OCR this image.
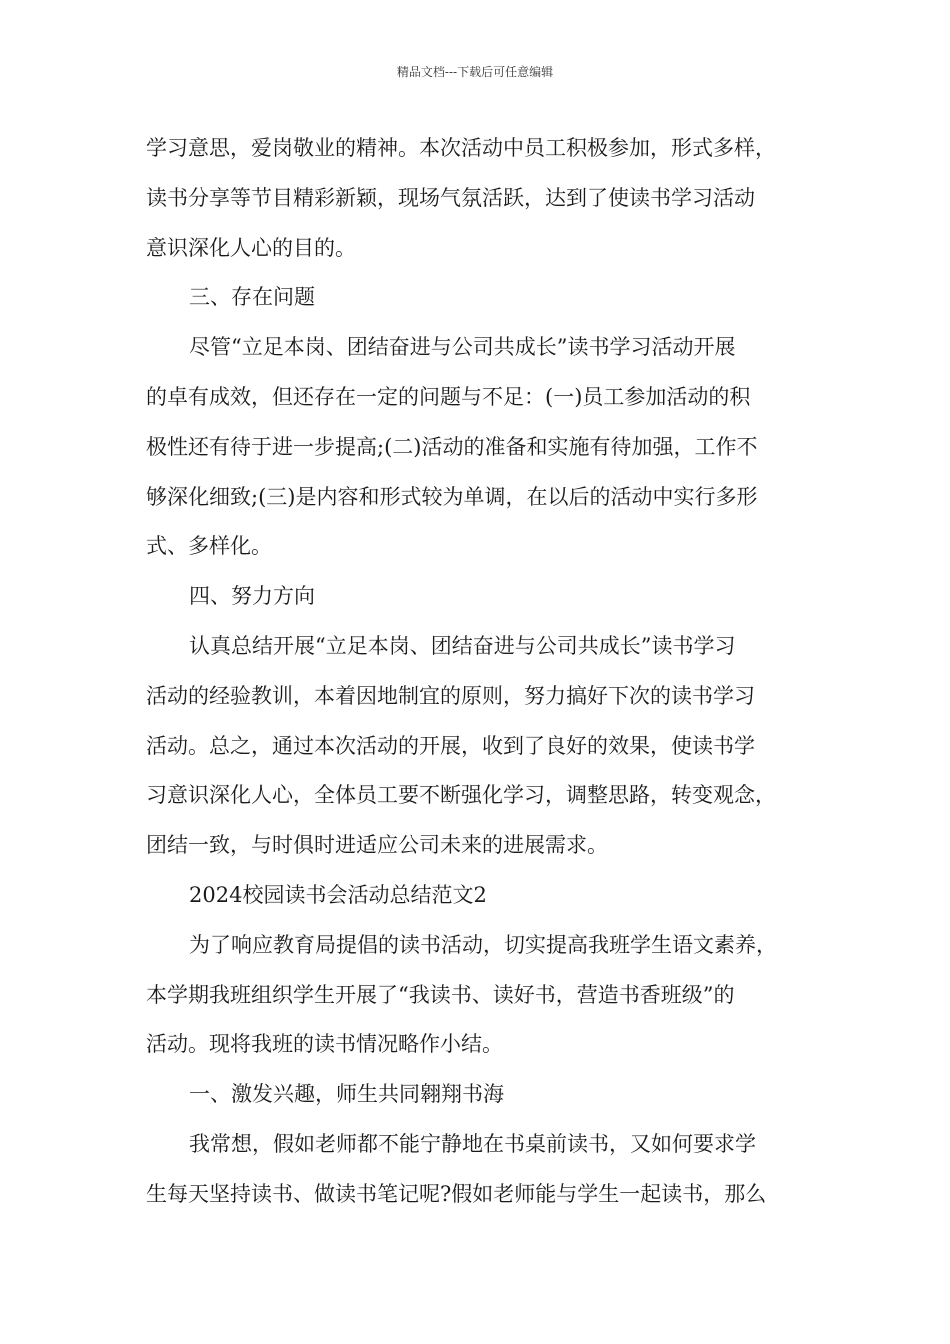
精品文档---下载后可任意编辑
学习意思，爱岗敬业的精神。本次活动中员工积极参加，形式多样，
读书分享等节目精彩新颖，现场气氛活跃，达到了使读书学习活动
意识深化人心的目的。
三、存在问题
尽管“立足本岗、团结奋进与公司共成长”读书学习活动开展
的卓有成效，但还存在一定的问题与不足：(一)员工参加活动的积
极性还有待于进一步提高;(二)活动的准备和实施有待加强，工作不
够深化细致;(三)是内容和形式较为单调，在以后的活动中实行多形
式、多样化。
四、努力方向
认真总结开展“立足本岗、团结奋进与公司共成长”读书学习
活动的经验教训，本着因地制宜的原则，努力搞好下次的读书学习
活动。总之，通过本次活动的开展，收到了良好的效果，使读书学
习意识深化人心，全体员工要不断强化学习，调整思路，转变观念，
团结一致，与时俱时进适应公司未来的进展需求。
2024校园读书会活动总结范文2
为了响应教育局提倡的读书活动，切实提高我班学生语文素养，
本学期我班组织学生开展了“我读书、读好书，营造书香班级”的
活动。现将我班的读书情况略作小结。
一、激发兴趣，师生共同翱翔书海
我常想，假如老师都不能宁静地在书桌前读书，又如何要求学
生每天坚持读书、做读书笔记呢?假如老师能与学生一起读书，那么
